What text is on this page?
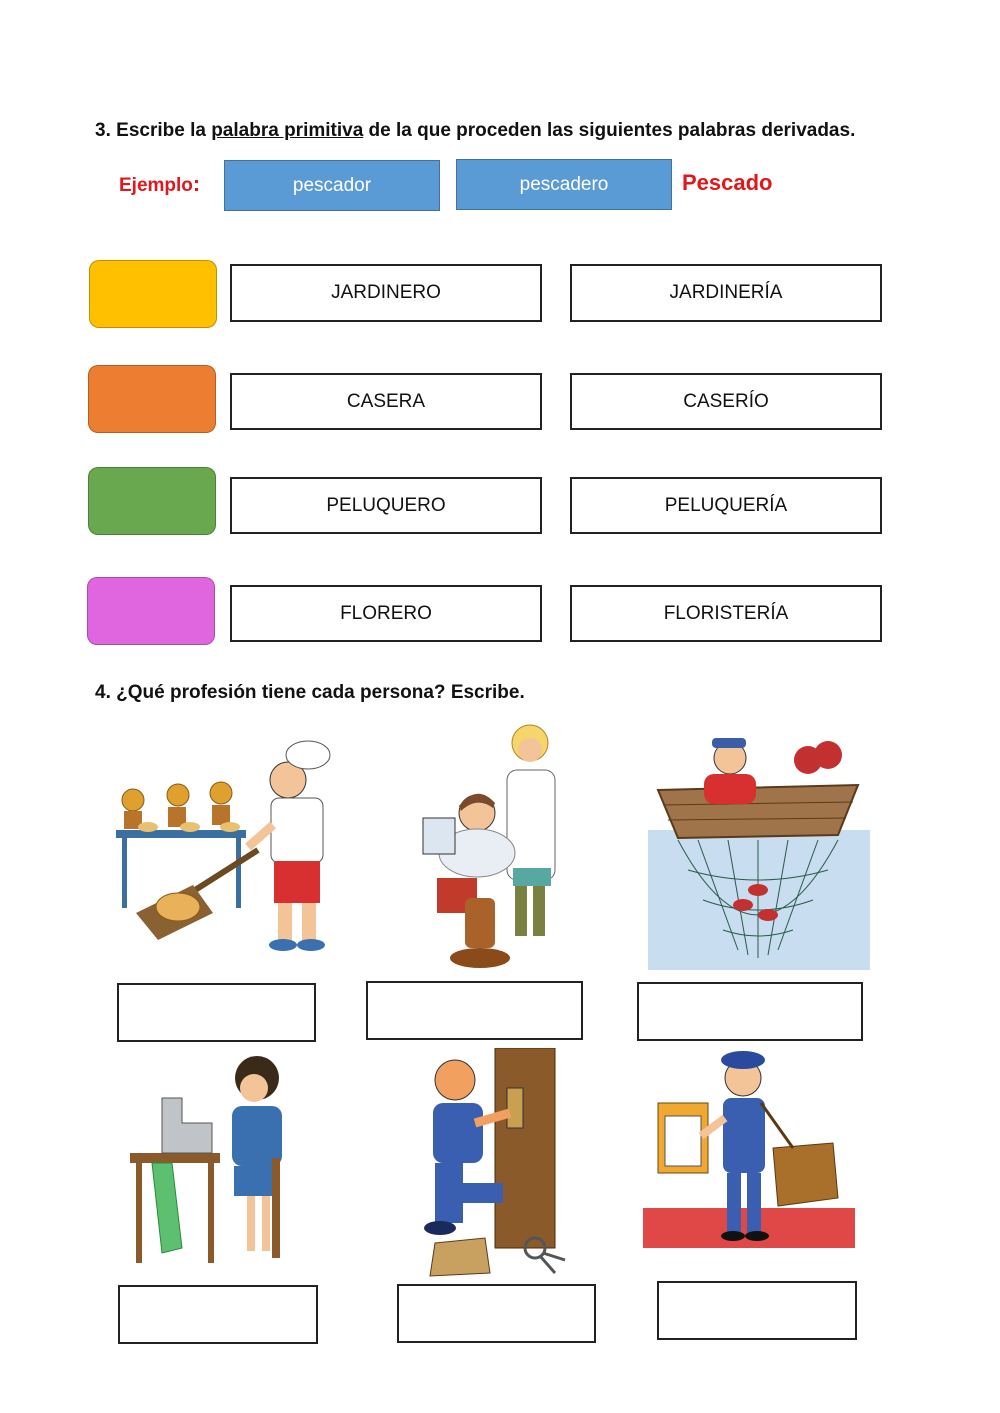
3. Escribe la palabra primitiva de la que proceden las siguientes palabras derivadas.
Ejemplo:	pescador	pescadero	Pescado
JARDINERO	JARDINERÍA
CASERA	CASERÍO
PELUQUERO	PELUQUERÍA
FLORERO	FLORISTERÍA
4. ¿Qué profesión tiene cada persona? Escribe.
